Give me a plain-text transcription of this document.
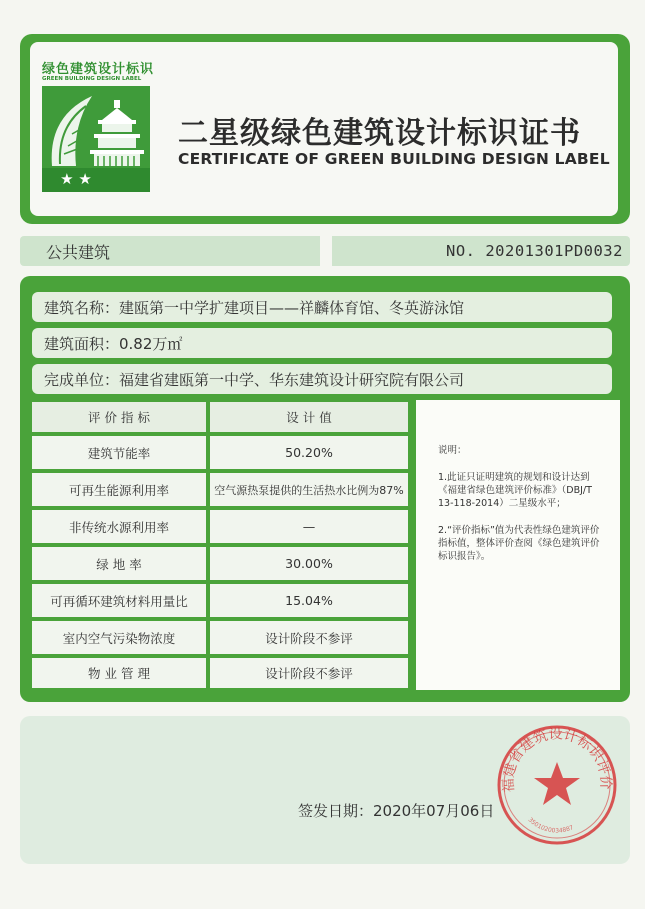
绿色建筑设计标识
GREEN BUILDING DESIGN LABEL
★ ★
二星级绿色建筑设计标识证书
CERTIFICATE OF GREEN BUILDING DESIGN LABEL
公共建筑	NO. 20201301PD0032
建筑名称：建瓯第一中学扩建项目——祥麟体育馆、冬英游泳馆
建筑面积：0.82万㎡
完成单位：福建省建瓯第一中学、华东建筑设计研究院有限公司
评 价 指 标	设 计 值
建筑节能率	50.20%
可再生能源利用率	空气源热泵提供的生活热水比例为87%
非传统水源利用率	—
绿 地 率	30.00%
可再循环建筑材料用量比	15.04%
室内空气污染物浓度	设计阶段不参评
物 业 管 理	设计阶段不参评

说明：

1.此证只证明建筑的规划和设计达到《福建省绿色建筑评价标准》（DBJ/T 13-118-2014）二星级水平；

2.“评价指标”值为代表性绿色建筑评价指标值，整体评价查阅《绿色建筑评价标识报告》。

签发日期：2020年07月06日
福建省建筑设计标识评价
3501020034887
